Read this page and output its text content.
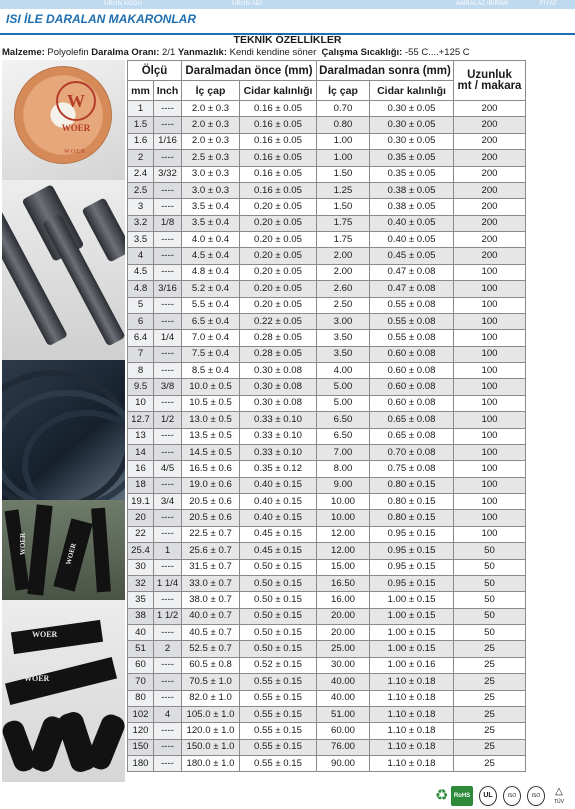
ÜRÜN KODU	ÜRÜN ADI	AMBALAJ /BİRİMİ	FİYAT
ISI İLE DARALAN MAKARONLAR
TEKNİK ÖZELLİKLER
Malzeme: Polyolefin Daralma Oranı: 2/1 Yanmazlık: Kendi kendine söner Çalışma Sıcaklığı: -55 C....+125 C
W
WOER
WOER
WOER	WOER
WOER
WOER
Ölçü		Daralmadan önce (mm)		Daralmadan sonra (mm)		Uzunluk
mt / makara

mm	Inch	İç çap	Cidar kalınlığı	İç çap	Cidar kalınlığı	
1	----	2.0 ± 0.3	0.16 ± 0.05	0.70	0.30 ± 0.05	200
1.5	----	2.0 ± 0.3	0.16 ± 0.05	0.80	0.30 ± 0.05	200
1.6	1/16	2.0 ± 0.3	0.16 ± 0.05	1.00	0.30 ± 0.05	200
2	----	2.5 ± 0.3	0.16 ± 0.05	1.00	0.35 ± 0.05	200
2.4	3/32	3.0 ± 0.3	0.16 ± 0.05	1.50	0.35 ± 0.05	200
2.5	----	3.0 ± 0.3	0.16 ± 0.05	1.25	0.38 ± 0.05	200
3	----	3.5 ± 0.4	0.20 ± 0.05	1.50	0.38 ± 0.05	200
3.2	1/8	3.5 ± 0.4	0.20 ± 0.05	1.75	0.40 ± 0.05	200
3.5	----	4.0 ± 0.4	0.20 ± 0.05	1.75	0.40 ± 0.05	200
4	----	4.5 ± 0.4	0.20 ± 0.05	2.00	0.45 ± 0.05	200
4.5	----	4.8 ± 0.4	0.20 ± 0.05	2.00	0.47 ± 0.08	100
4.8	3/16	5.2 ± 0.4	0.20 ± 0.05	2.60	0.47 ± 0.08	100
5	----	5.5 ± 0.4	0.20 ± 0.05	2.50	0.55 ± 0.08	100
6	----	6.5 ± 0.4	0.22 ± 0.05	3.00	0.55 ± 0.08	100
6.4	1/4	7.0 ± 0.4	0.28 ± 0.05	3.50	0.55 ± 0.08	100
7	----	7.5 ± 0.4	0.28 ± 0.05	3.50	0.60 ± 0.08	100
8	----	8.5 ± 0.4	0.30 ± 0.08	4.00	0.60 ± 0.08	100
9.5	3/8	10.0 ± 0.5	0.30 ± 0.08	5.00	0.60 ± 0.08	100
10	----	10.5 ± 0.5	0.30 ± 0.08	5.00	0.60 ± 0.08	100
12.7	1/2	13.0 ± 0.5	0.33 ± 0.10	6.50	0.65 ± 0.08	100
13	----	13.5 ± 0.5	0.33 ± 0.10	6.50	0.65 ± 0.08	100
14	----	14.5 ± 0.5	0.33 ± 0.10	7.00	0.70 ± 0.08	100
16	4/5	16.5 ± 0.6	0.35 ± 0.12	8.00	0.75 ± 0.08	100
18	----	19.0 ± 0.6	0.40 ± 0.15	9.00	0.80 ± 0.15	100
19.1	3/4	20.5 ± 0.6	0.40 ± 0.15	10.00	0.80 ± 0.15	100
20	----	20.5 ± 0.6	0.40 ± 0.15	10.00	0.80 ± 0.15	100
22	----	22.5 ± 0.7	0.45 ± 0.15	12.00	0.95 ± 0.15	100
25.4	1	25.6 ± 0.7	0.45 ± 0.15	12.00	0.95 ± 0.15	50
30	----	31.5 ± 0.7	0.50 ± 0.15	15.00	0.95 ± 0.15	50
32	1 1/4	33.0 ± 0.7	0.50 ± 0.15	16.50	0.95 ± 0.15	50
35	----	38.0 ± 0.7	0.50 ± 0.15	16.00	1.00 ± 0.15	50
38	1 1/2	40.0 ± 0.7	0.50 ± 0.15	20.00	1.00 ± 0.15	50
40	----	40.5 ± 0.7	0.50 ± 0.15	20.00	1.00 ± 0.15	50
51	2	52.5 ± 0.7	0.50 ± 0.15	25.00	1.00 ± 0.15	25
60	----	60.5 ± 0.8	0.52 ± 0.15	30.00	1.00 ± 0.16	25
70	----	70.5 ± 1.0	0.55 ± 0.15	40.00	1.10 ± 0.18	25
80	----	82.0 ± 1.0	0.55 ± 0.15	40.00	1.10 ± 0.18	25
102	4	105.0 ± 1.0	0.55 ± 0.15	51.00	1.10 ± 0.18	25
120	----	120.0 ± 1.0	0.55 ± 0.15	60.00	1.10 ± 0.18	25
150	----	150.0 ± 1.0	0.55 ± 0.15	76.00	1.10 ± 0.18	25
180	----	180.0 ± 1.0	0.55 ± 0.15	90.00	1.10 ± 0.18	25
♻ RoHS	UL	ISO	ISO	△
TÜV
